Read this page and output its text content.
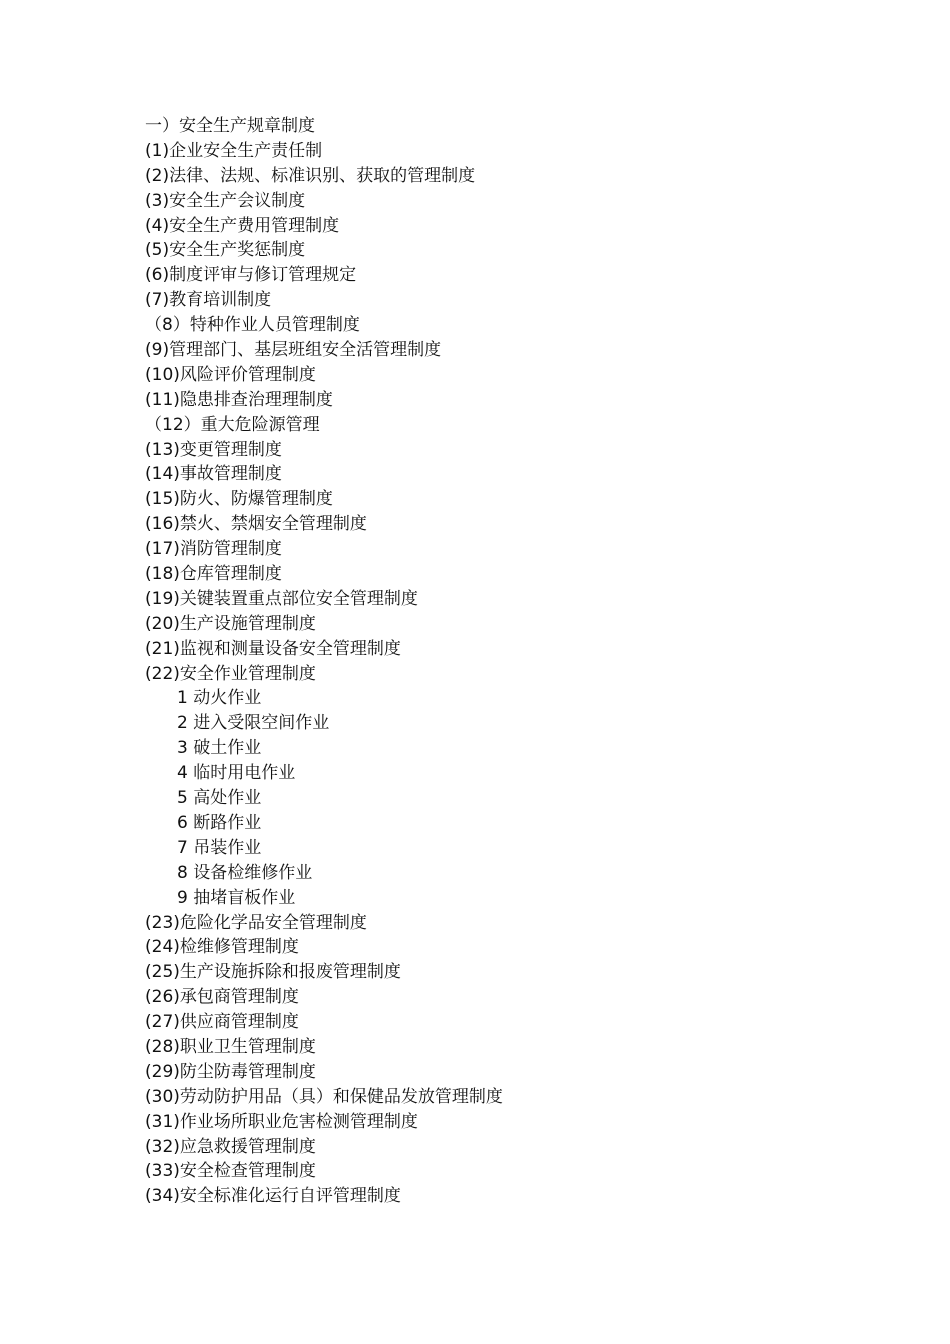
一）安全生产规章制度
(1)企业安全生产责任制
(2)法律、法规、标准识别、获取的管理制度
(3)安全生产会议制度
(4)安全生产费用管理制度
(5)安全生产奖惩制度
(6)制度评审与修订管理规定
(7)教育培训制度
（8）特种作业人员管理制度
(9)管理部门、基层班组安全活管理制度
(10)风险评价管理制度
(11)隐患排查治理理制度
（12）重大危险源管理
(13)变更管理制度
(14)事故管理制度
(15)防火、防爆管理制度
(16)禁火、禁烟安全管理制度
(17)消防管理制度
(18)仓库管理制度
(19)关键装置重点部位安全管理制度
(20)生产设施管理制度
(21)监视和测量设备安全管理制度
(22)安全作业管理制度
1 动火作业
2 进入受限空间作业
3 破土作业
4 临时用电作业
5 高处作业
6 断路作业
7 吊装作业
8 设备检维修作业
9 抽堵盲板作业
(23)危险化学品安全管理制度
(24)检维修管理制度
(25)生产设施拆除和报废管理制度
(26)承包商管理制度
(27)供应商管理制度
(28)职业卫生管理制度
(29)防尘防毒管理制度
(30)劳动防护用品（具）和保健品发放管理制度
(31)作业场所职业危害检测管理制度
(32)应急救援管理制度
(33)安全检查管理制度
(34)安全标准化运行自评管理制度
